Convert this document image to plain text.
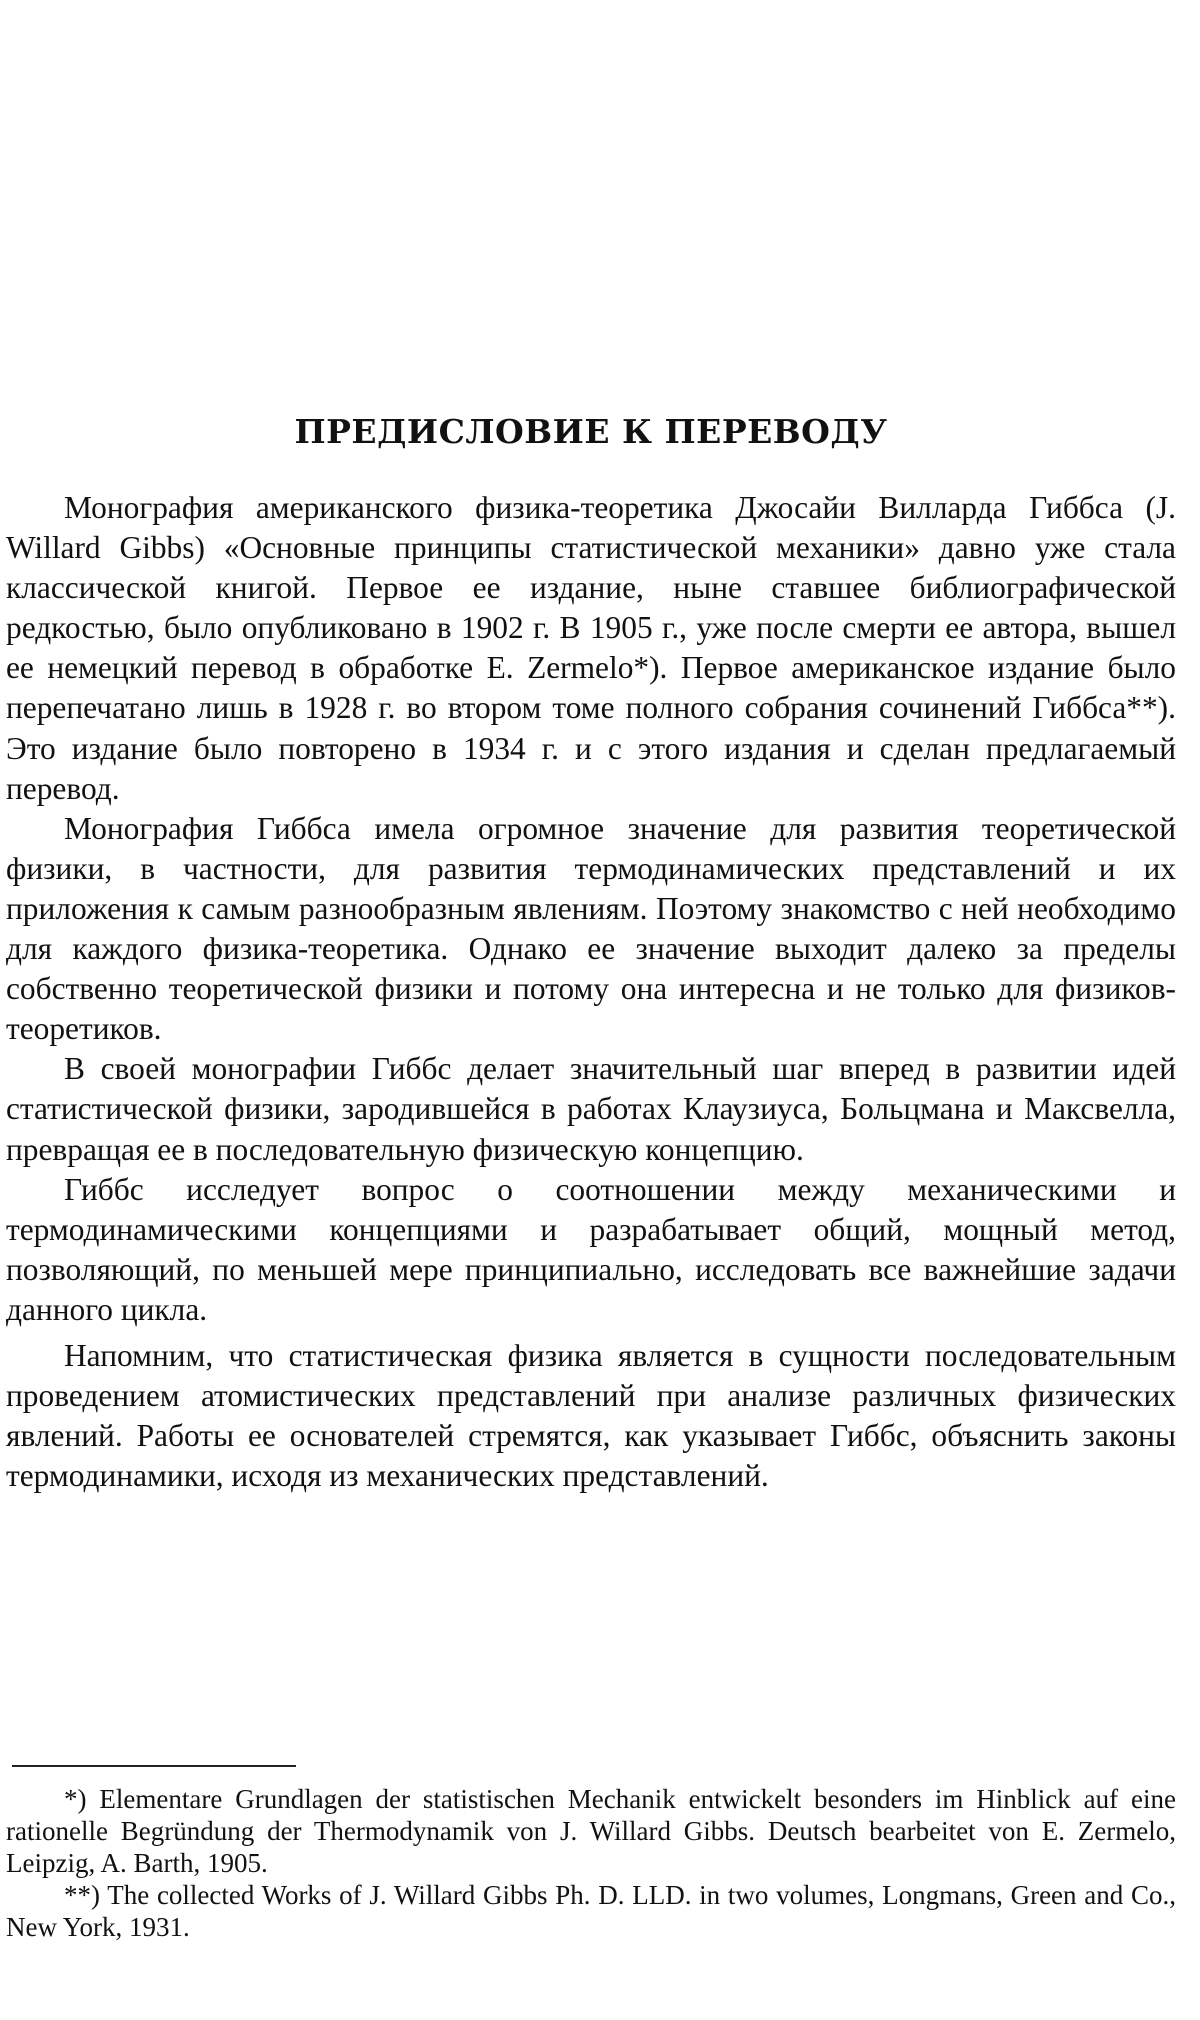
ПРЕДИСЛОВИЕ К ПЕРЕВОДУ

Монография американского физика-теоретика Джосайи Вилларда Гиббса (J. Willard Gibbs) «Основные принципы статистической механики» давно уже стала классической книгой. Первое ее издание, ныне ставшее библиографической редкостью, было опубликовано в 1902 г. В 1905 г., уже после смерти ее автора, вышел ее немецкий перевод в обработке E. Zermelo*). Первое американское издание было перепечатано лишь в 1928 г. во втором томе полного собрания сочинений Гиббса**). Это издание было повторено в 1934 г. и с этого издания и сделан предлагаемый перевод.

Монография Гиббса имела огромное значение для развития теоретической физики, в частности, для развития термодинамических представлений и их приложения к самым разнообразным явлениям. Поэтому знакомство с ней необходимо для каждого физика-теоретика. Однако ее значение выходит далеко за пределы собственно теоретической физики и потому она интересна и не только для физиков-теоретиков.

В своей монографии Гиббс делает значительный шаг вперед в развитии идей статистической физики, зародившейся в работах Клаузиуса, Больцмана и Максвелла, превращая ее в последовательную физическую концепцию.

Гиббс исследует вопрос о соотношении между механическими и термодинамическими концепциями и разрабатывает общий, мощный метод, позволяющий, по меньшей мере принципиально, исследовать все важнейшие задачи данного цикла.

Напомним, что статистическая физика является в сущности последовательным проведением атомистических представлений при анализе различных физических явлений. Работы ее основателей стремятся, как указывает Гиббс, объяснить законы термодинамики, исходя из механических представлений.

*) Elementare Grundlagen der statistischen Mechanik entwickelt besonders im Hinblick auf eine rationelle Begründung der Thermodynamik von J. Willard Gibbs. Deutsch bearbeitet von E. Zermelo, Leipzig, A. Barth, 1905.

**) The collected Works of J. Willard Gibbs Ph. D. LLD. in two volumes, Longmans, Green and Co., New York, 1931.
